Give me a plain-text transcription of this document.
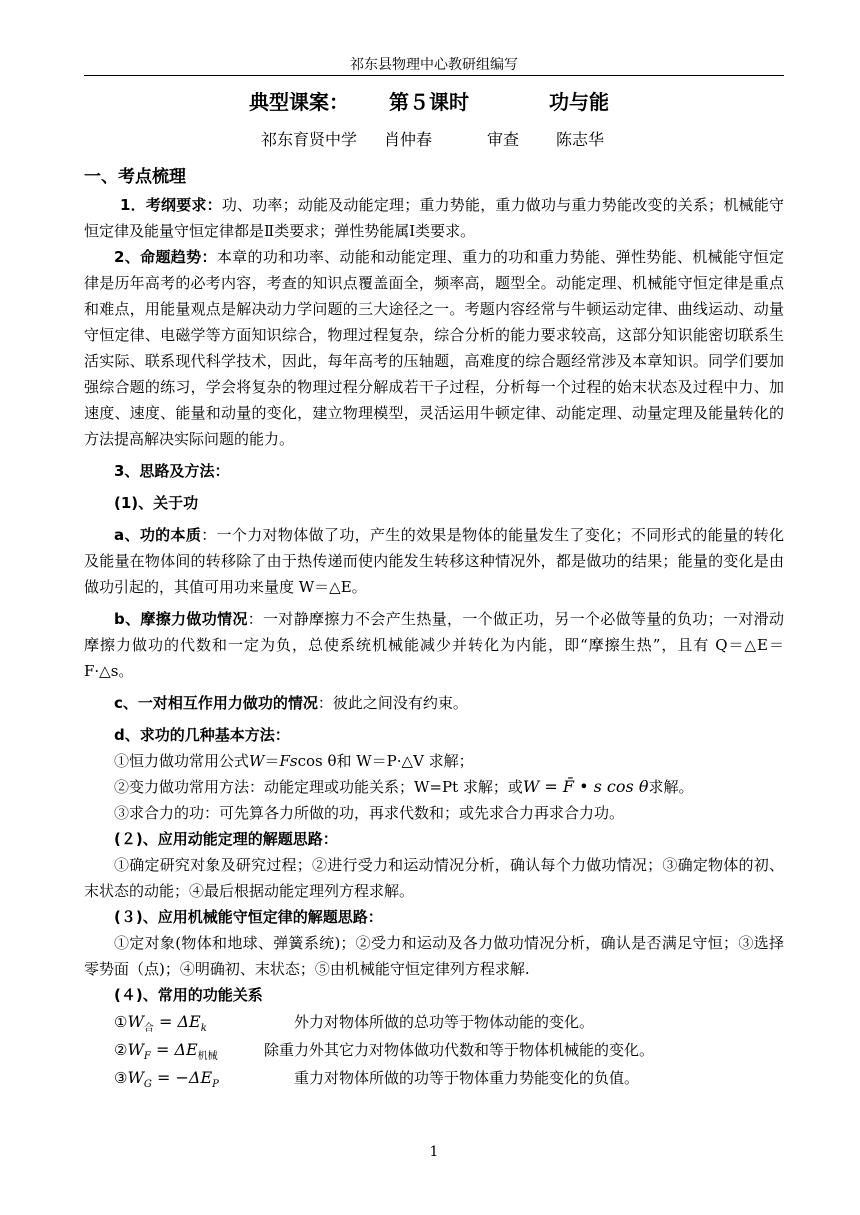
祁东县物理中心教研组编写
典型课案： 第５课时	功与能
祁东育贤中学 肖仲春	审查 陈志华
一、考点梳理

1．考纲要求：功、功率；动能及动能定理；重力势能，重力做功与重力势能改变的关系；机械能守恒定律及能量守恒定律都是Ⅱ类要求；弹性势能属Ⅰ类要求。

2、命题趋势：本章的功和功率、动能和动能定理、重力的功和重力势能、弹性势能、机械能守恒定律是历年高考的必考内容，考查的知识点覆盖面全，频率高，题型全。动能定理、机械能守恒定律是重点和难点，用能量观点是解决动力学问题的三大途径之一。考题内容经常与牛顿运动定律、曲线运动、动量守恒定律、电磁学等方面知识综合，物理过程复杂，综合分析的能力要求较高，这部分知识能密切联系生活实际、联系现代科学技术，因此，每年高考的压轴题，高难度的综合题经常涉及本章知识。同学们要加强综合题的练习，学会将复杂的物理过程分解成若干子过程，分析每一个过程的始末状态及过程中力、加速度、速度、能量和动量的变化，建立物理模型，灵活运用牛顿定律、动能定理、动量定理及能量转化的方法提高解决实际问题的能力。

3、思路及方法：

(1)、关于功

a、功的本质：一个力对物体做了功，产生的效果是物体的能量发生了变化；不同形式的能量的转化及能量在物体间的转移除了由于热传递而使内能发生转移这种情况外，都是做功的结果；能量的变化是由做功引起的，其值可用功来量度 W＝△E。

b、摩擦力做功情况：一对静摩擦力不会产生热量，一个做正功，另一个必做等量的负功；一对滑动摩擦力做功的代数和一定为负，总使系统机械能减少并转化为内能，即“摩擦生热”，且有 Q＝△E＝F·△s。

c、一对相互作用力做功的情况：彼此之间没有约束。

d、求功的几种基本方法：

①恒力做功常用公式W＝Fscos θ和 W＝P·△V 求解；
②变力做功常用方法：动能定理或功能关系；W=Pt 求解；或W = F̄ • s cos θ求解。
③求合力的功：可先算各力所做的功，再求代数和；或先求合力再求合力功。

(２)、应用动能定理的解题思路：

①确定研究对象及研究过程；②进行受力和运动情况分析，确认每个力做功情况；③确定物体的初、末状态的动能；④最后根据动能定理列方程求解。

(３)、应用机械能守恒定律的解题思路：

①定对象(物体和地球、弹簧系统)；②受力和运动及各力做功情况分析，确认是否满足守恒；③选择零势面（点)；④明确初、末状态；⑤由机械能守恒定律列方程求解.

(４)、常用的功能关系

$①W_合 = \Delta E_k$	外力对物体所做的总功等于物体动能的变化。
$②W_F = \Delta E_{机械}$	除重力外其它力对物体做功代数和等于物体机械能的变化。
$③W_G = -\Delta E_P$	重力对物体所做的功等于物体重力势能变化的负值。
1
